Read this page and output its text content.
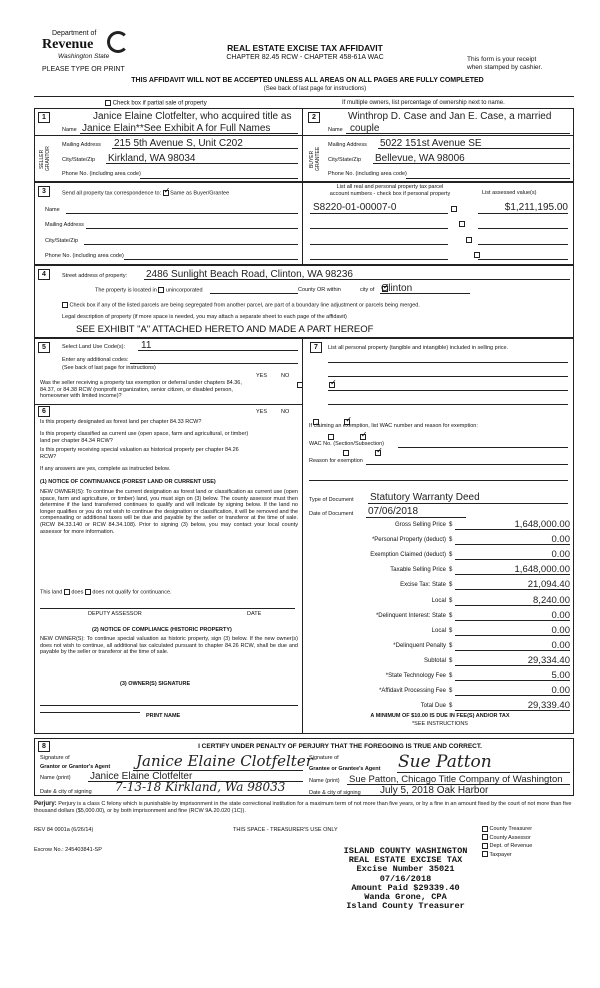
Department of
Revenue
Washington State
PLEASE TYPE OR PRINT
REAL ESTATE EXCISE TAX AFFIDAVIT
CHAPTER 82.45 RCW - CHAPTER 458-61A WAC	This form is your receipt
when stamped by cashier.
THIS AFFIDAVIT WILL NOT BE ACCEPTED UNLESS ALL AREAS ON ALL PAGES ARE FULLY COMPLETED
(See back of last page for instructions)
Check box if partial sale of property	If multiple owners, list percentage of ownership next to name.
1
SELLER GRANTOR
Janice Elaine Clotfelter, who acquired title as
Name Janice Elain**See Exhibit A for Full Names
Mailing Address 215 5th Avenue S, Unit C202
City/State/Zip Kirkland, WA 98034
Phone No. (including area code)
2
BUYER GRANTEE
Winthrop D. Case and Jan E. Case, a married
Name couple
Mailing Address 5022 151st Avenue SE
City/State/Zip Bellevue, WA 98006
Phone No. (including area code)
3	Send all property tax correspondence to: ✓ Same as Buyer/Grantee
List all real and personal property tax parcel
account numbers - check box if personal property	List assessed value(s)
Name
Mailing Address
City/State/Zip
Phone No. (including area code)
S8220-01-00007-0	$1,211,195.00

4	Street address of property: 2486 Sunlight Beach Road, Clinton, WA 98236
The property is located in unincorporated	County OR within ✓	city of Clinton
Check box if any of the listed parcels are being segregated from another parcel, are part of a boundary line adjustment or parcels being merged.
Legal description of property (if more space is needed, you may attach a separate sheet to each page of the affidavit)
SEE EXHIBIT "A" ATTACHED HERETO AND MADE A PART HEREOF
5	Select Land Use Code(s): 11
Enter any additional codes:
(See back of last page for instructions)
YES	NO
Was the seller receiving a property tax exemption or deferral under chapters 84.36, 84.37, or 84.38 RCW (nonprofit organization, senior citizen, or disabled person, homeowner with limited income)?
✓
6	YES	NO
Is this property designated as forest land per chapter 84.33 RCW?
✓
Is this property classified as current use (open space, farm and agricultural, or timber) land per chapter 84.34 RCW?
✓
Is this property receiving special valuation as historical property per chapter 84.26 RCW?
✓
If any answers are yes, complete as instructed below.
(1) NOTICE OF CONTINUANCE (FOREST LAND OR CURRENT USE)
NEW OWNER(S): To continue the current designation as forest land or classification as current use (open space, farm and agriculture, or timber) land, you must sign on (3) below. The county assessor must then determine if the land transferred continues to qualify and will indicate by signing below. If the land no longer qualifies or you do not wish to continue the designation or classification, it will be removed and the compensating or additional taxes will be due and payable by the seller or transferor at the time of sale. (RCW 84.33.140 or RCW 84.34.108). Prior to signing (3) below, you may contact your local county assessor for more information.
This land does does not qualify for continuance.
DEPUTY ASSESSOR	DATE
(2) NOTICE OF COMPLIANCE (HISTORIC PROPERTY)
NEW OWNER(S): To continue special valuation as historic property, sign (3) below. If the new owner(s) does not wish to continue, all additional tax calculated pursuant to chapter 84.26 RCW, shall be due and payable by the seller or transferor at the time of sale.
(3) OWNER(S) SIGNATURE
PRINT NAME
7	List all personal property (tangible and intangible) included in selling price.
If claiming an exemption, list WAC number and reason for exemption:
WAC No. (Section/Subsection)
Reason for exemption
Type of Document Statutory Warranty Deed
Date of Document 07/06/2018
Gross Selling Price $	1,648,000.00
*Personal Property (deduct) $	0.00
Exemption Claimed (deduct) $	0.00
Taxable Selling Price $	1,648,000.00
Excise Tax: State $	21,094.40
Local $	8,240.00
*Delinquent Interest: State $	0.00
Local $	0.00
*Delinquent Penalty $	0.00
Subtotal $	29,334.40
*State Technology Fee $	5.00
*Affidavit Processing Fee $	0.00
Total Due $	29,339.40
A MINIMUM OF $10.00 IS DUE IN FEE(S) AND/OR TAX
*SEE INSTRUCTIONS
8	I CERTIFY UNDER PENALTY OF PERJURY THAT THE FOREGOING IS TRUE AND CORRECT.
Signature of
Grantor or Grantor's Agent Janice Elaine Clotfelter
Name (print) Janice Elaine Clotfelter
Date & city of signing 7-13-18 Kirkland, Wa 98033
Signature of
Grantee or Grantee's Agent Sue Patton
Name (print) Sue Patton, Chicago Title Company of Washington
Date & city of signing July 5, 2018 Oak Harbor
Perjury: Perjury is a class C felony which is punishable by imprisonment in the state correctional institution for a maximum term of not more than five years, or by a fine in an amount fixed by the court of not more than five thousand dollars ($5,000.00), or by both imprisonment and fine (RCW 9A.20.020 (1C)).
REV 84 0001a (6/26/14)	THIS SPACE - TREASURER'S USE ONLY
Escrow No.: 245403841-SP
County Treasurer
County Assessor
Dept. of Revenue
Taxpayer
ISLAND COUNTY WASHINGTON
REAL ESTATE EXCISE TAX
Excise Number 35021
07/16/2018
Amount Paid $29339.40
Wanda Grone, CPA
Island County Treasurer
